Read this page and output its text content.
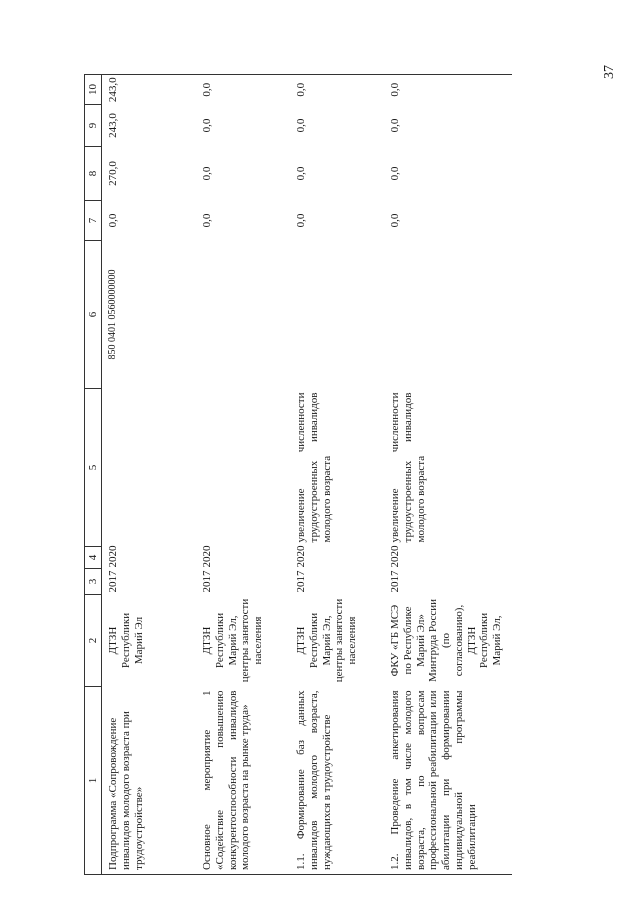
37
1	2	3	4	5	6	7	8	9	10
Подпрограмма «Сопровождение инвалидов молодого возраста при трудоустройстве»	ДТЗН Республики Марий Эл	2017	2020		850 0401 0560000000	0,0	270,0	243,0	243,0
Основное мероприятие 1 «Содействие повышению конкурентоспособности инвалидов молодого возраста на рынке труда»	ДТЗН Республики Марий Эл, центры занятости населения	2017	2020			0,0	0,0	0,0	0,0
1.1. Формирование баз данных инвалидов молодого возраста, нуждающихся в трудоустройстве	ДТЗН Республики Марий Эл, центры занятости населения	2017	2020	увеличение численности трудоустроенных инвалидов молодого возраста		0,0	0,0	0,0	0,0
1.2. Проведение анкетирования инвалидов, в том числе молодого возраста, по вопросам профессиональной реабилитации или абилитации при формировании индивидуальной программы реабилитации	ФКУ «ГБ МСЭ по Республике Марий Эл» Минтруда России (по согласованию), ДТЗН Республики Марий Эл,	2017	2020	увеличение численности трудоустроенных инвалидов молодого возраста		0,0	0,0	0,0	0,0
